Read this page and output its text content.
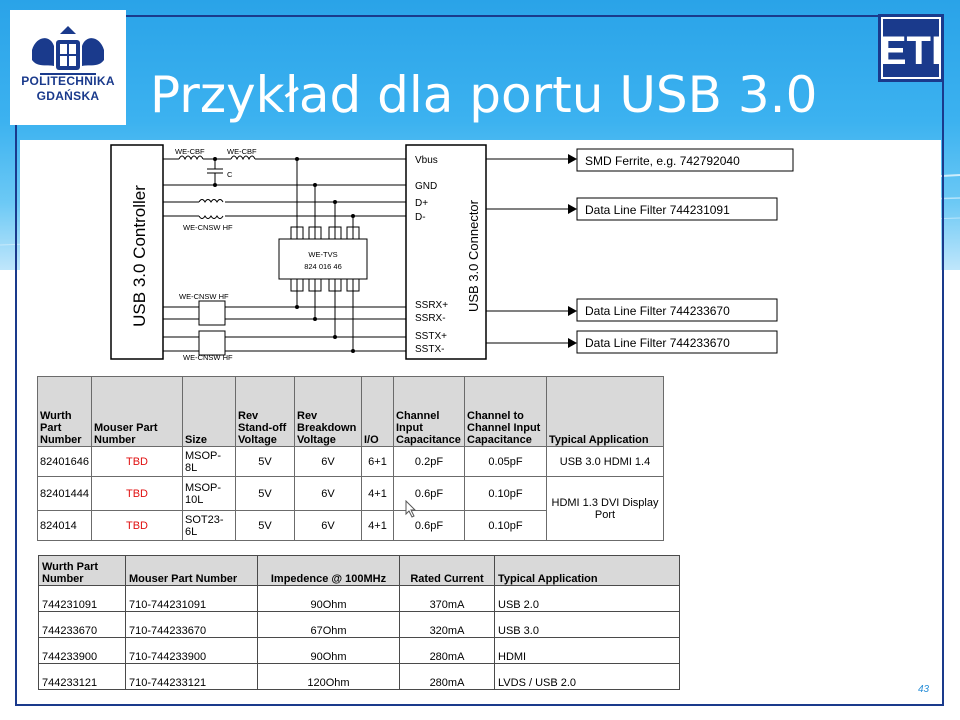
POLITECHNIKA
GDAŃSKA
ETI
Przykład dla portu USB 3.0
USB 3.0 Controller	USB 3.0 Connector
Vbus
GND
D+
D-
SSRX+
SSRX-
SSTX+
SSTX-
WE-CBF	WE-CBF
C
WE-CNSW HF
WE-CNSW HF
WE-CNSW HF
WE-TVS
824 016 46
SMD Ferrite, e.g. 742792040
Data Line Filter 744231091
Data Line Filter 744233670
Data Line Filter 744233670
Wurth Part Number	Mouser Part Number	Size	Rev Stand-off Voltage	Rev Breakdown Voltage	I/O	Channel Input Capacitance	Channel to Channel Input Capacitance	Typical Application
82401646	TBD	MSOP-8L	5V	6V	6+1	0.2pF	0.05pF	USB 3.0 HDMI 1.4
82401444	TBD	MSOP-10L	5V	6V	4+1	0.6pF	0.10pF	HDMI 1.3 DVI Display Port
824014	TBD	SOT23-6L	5V	6V	4+1	0.6pF	0.10pF	
Wurth Part Number	Mouser Part Number	Impedence @ 100MHz	Rated Current	Typical Application
744231091	710-744231091	90Ohm	370mA	USB 2.0
744233670	710-744233670	67Ohm	320mA	USB 3.0
744233900	710-744233900	90Ohm	280mA	HDMI
744233121	710-744233121	120Ohm	280mA	LVDS / USB 2.0
43
